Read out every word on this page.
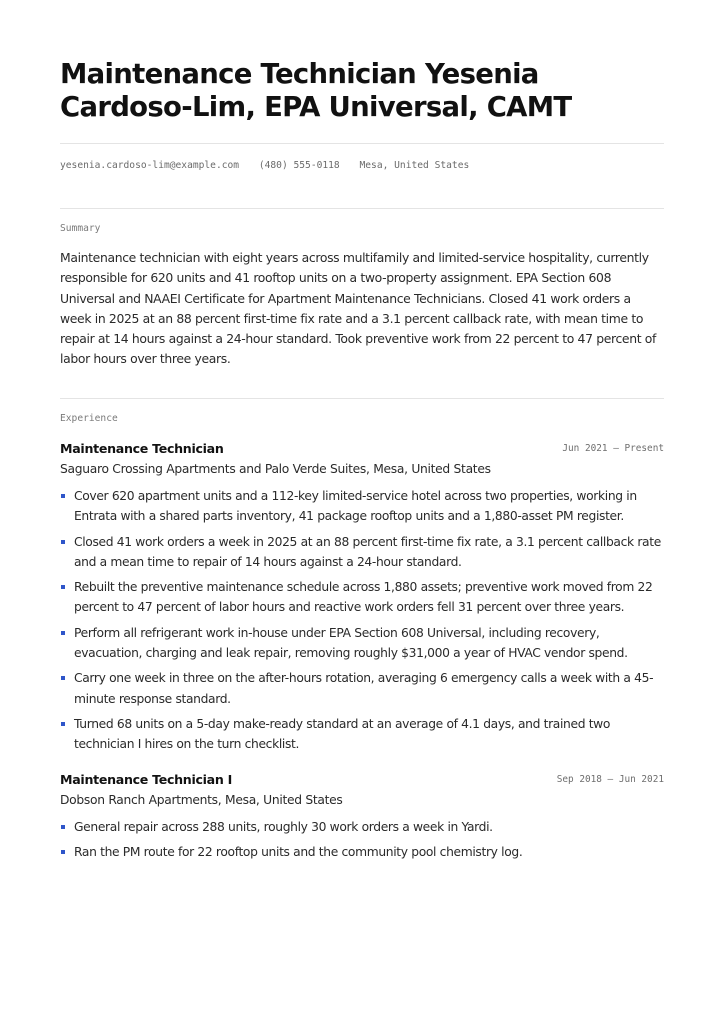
Maintenance Technician Yesenia Cardoso-Lim, EPA Universal, CAMT
yesenia.cardoso-lim@example.com (480) 555-0118 Mesa, United States
Summary

Maintenance technician with eight years across multifamily and limited-service hospitality, currently responsible for 620 units and 41 rooftop units on a two-property assignment. EPA Section 608 Universal and NAAEI Certificate for Apartment Maintenance Technicians. Closed 41 work orders a week in 2025 at an 88 percent first-time fix rate and a 3.1 percent callback rate, with mean time to repair at 14 hours against a 24-hour standard. Took preventive work from 22 percent to 47 percent of labor hours over three years.

Experience
Maintenance Technician	Jun 2021 — Present
Saguaro Crossing Apartments and Palo Verde Suites, Mesa, United States
Cover 620 apartment units and a 112-key limited-service hotel across two properties, working in Entrata with a shared parts inventory, 41 package rooftop units and a 1,880-asset PM register.
Closed 41 work orders a week in 2025 at an 88 percent first-time fix rate, a 3.1 percent callback rate and a mean time to repair of 14 hours against a 24-hour standard.
Rebuilt the preventive maintenance schedule across 1,880 assets; preventive work moved from 22 percent to 47 percent of labor hours and reactive work orders fell 31 percent over three years.
Perform all refrigerant work in-house under EPA Section 608 Universal, including recovery, evacuation, charging and leak repair, removing roughly $31,000 a year of HVAC vendor spend.
Carry one week in three on the after-hours rotation, averaging 6 emergency calls a week with a 45-minute response standard.
Turned 68 units on a 5-day make-ready standard at an average of 4.1 days, and trained two technician I hires on the turn checklist.
Maintenance Technician I	Sep 2018 — Jun 2021
Dobson Ranch Apartments, Mesa, United States
General repair across 288 units, roughly 30 work orders a week in Yardi.
Ran the PM route for 22 rooftop units and the community pool chemistry log.
